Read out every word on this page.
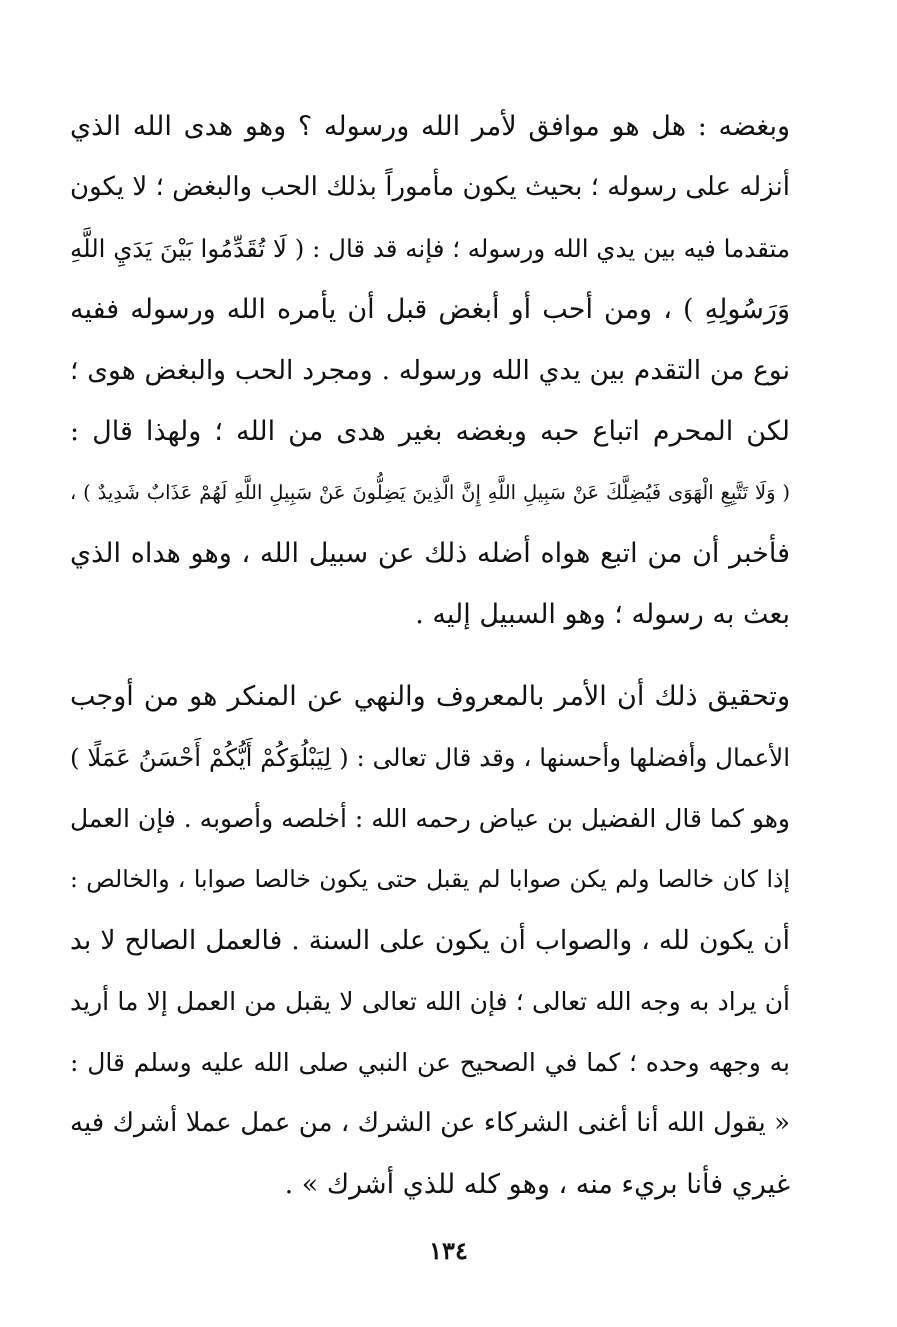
وبغضه : هل هو موافق لأمر الله ورسوله ؟ وهو هدى الله الذي
أنزله على رسوله ؛ بحيث يكون مأموراً بذلك الحب والبغض ؛ لا يكون
متقدما فيه بين يدي الله ورسوله ؛ فإنه قد قال : ( لَا تُقَدِّمُوا بَيْنَ يَدَيِ اللَّهِ
وَرَسُولِهِ ) ، ومن أحب أو أبغض قبل أن يأمره الله ورسوله ففيه
نوع من التقدم بين يدي الله ورسوله . ومجرد الحب والبغض هوى ؛
لكن المحرم اتباع حبه وبغضه بغير هدى من الله ؛ ولهذا قال :
( وَلَا تَتَّبِعِ الْهَوَى فَيُضِلَّكَ عَنْ سَبِيلِ اللَّهِ إِنَّ الَّذِينَ يَضِلُّونَ عَنْ سَبِيلِ اللَّهِ لَهُمْ عَذَابٌ شَدِيدٌ ) ،
فأخبر أن من اتبع هواه أضله ذلك عن سبيل الله ، وهو هداه الذي
بعث به رسوله ؛ وهو السبيل إليه .
وتحقيق ذلك أن الأمر بالمعروف والنهي عن المنكر هو من أوجب
الأعمال وأفضلها وأحسنها ، وقد قال تعالى : ( لِيَبْلُوَكُمْ أَيُّكُمْ أَحْسَنُ عَمَلًا )
وهو كما قال الفضيل بن عياض رحمه الله : أخلصه وأصوبه . فإن العمل
إذا كان خالصا ولم يكن صوابا لم يقبل حتى يكون خالصا صوابا ، والخالص :
أن يكون لله ، والصواب أن يكون على السنة . فالعمل الصالح لا بد
أن يراد به وجه الله تعالى ؛ فإن الله تعالى لا يقبل من العمل إلا ما أريد
به وجهه وحده ؛ كما في الصحيح عن النبي صلى الله عليه وسلم قال :
« يقول الله أنا أغنى الشركاء عن الشرك ، من عمل عملا أشرك فيه
غيري فأنا بريء منه ، وهو كله للذي أشرك » .
١٣٤
